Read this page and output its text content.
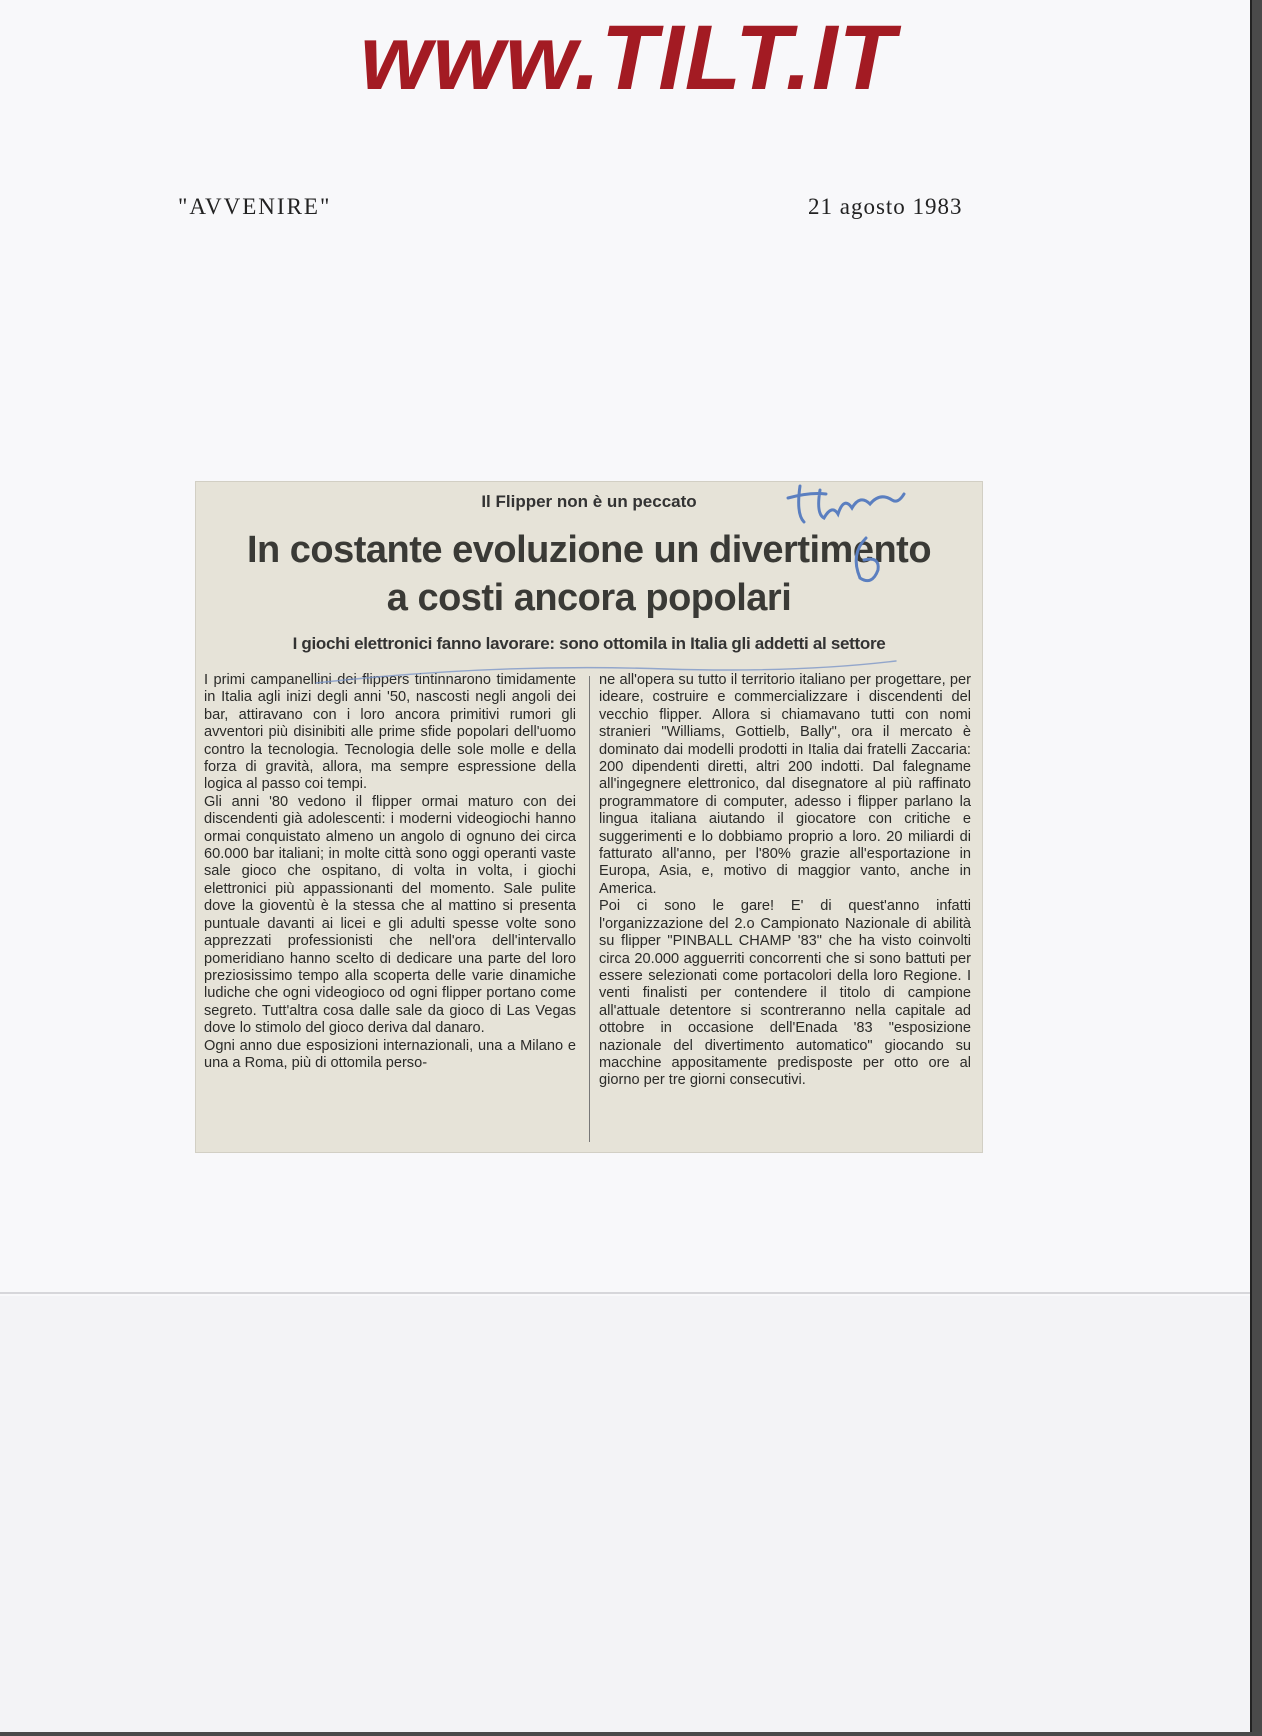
www.TILT.IT
"AVVENIRE"	21 agosto 1983
Il Flipper non è un peccato
In costante evoluzione un divertimento
a costi ancora popolari
I giochi elettronici fanno lavorare: sono ottomila in Italia gli addetti al settore

I primi campanellini dei flippers tintinnarono timidamente in Italia agli inizi degli anni '50, nascosti negli angoli dei bar, attiravano con i loro ancora primitivi rumori gli avventori più disinibiti alle prime sfide popolari dell'uomo contro la tecnologia. Tecnologia delle sole molle e della forza di gravità, allora, ma sempre espressione della logica al passo coi tempi.

Gli anni '80 vedono il flipper ormai maturo con dei discendenti già adolescenti: i moderni videogiochi hanno ormai conquistato almeno un angolo di ognuno dei circa 60.000 bar italiani; in molte città sono oggi operanti vaste sale gioco che ospitano, di volta in volta, i giochi elettronici più appassionanti del momento. Sale pulite dove la gioventù è la stessa che al mattino si presenta puntuale davanti ai licei e gli adulti spesse volte sono apprezzati professionisti che nell'ora dell'intervallo pomeridiano hanno scelto di dedicare una parte del loro preziosissimo tempo alla scoperta delle varie dinamiche ludiche che ogni videogioco od ogni flipper portano come segreto. Tutt'altra cosa dalle sale da gioco di Las Vegas dove lo stimolo del gioco deriva dal danaro.

Ogni anno due esposizioni internazionali, una a Milano e una a Roma, più di ottomila perso-

ne all'opera su tutto il territorio italiano per progettare, per ideare, costruire e commercializzare i discendenti del vecchio flipper. Allora si chiamavano tutti con nomi stranieri "Williams, Gottielb, Bally", ora il mercato è dominato dai modelli prodotti in Italia dai fratelli Zaccaria: 200 dipendenti diretti, altri 200 indotti. Dal falegname all'ingegnere elettronico, dal disegnatore al più raffinato programmatore di computer, adesso i flipper parlano la lingua italiana aiutando il giocatore con critiche e suggerimenti e lo dobbiamo proprio a loro. 20 miliardi di fatturato all'anno, per l'80% grazie all'esportazione in Europa, Asia, e, motivo di maggior vanto, anche in America.

Poi ci sono le gare! E' di quest'anno infatti l'organizzazione del 2.o Campionato Nazionale di abilità su flipper "PINBALL CHAMP '83" che ha visto coinvolti circa 20.000 agguerriti concorrenti che si sono battuti per essere selezionati come portacolori della loro Regione. I venti finalisti per contendere il titolo di campione all'attuale detentore si scontreranno nella capitale ad ottobre in occasione dell'Enada '83 "esposizione nazionale del divertimento automatico" giocando su macchine appositamente predisposte per otto ore al giorno per tre giorni consecutivi.
